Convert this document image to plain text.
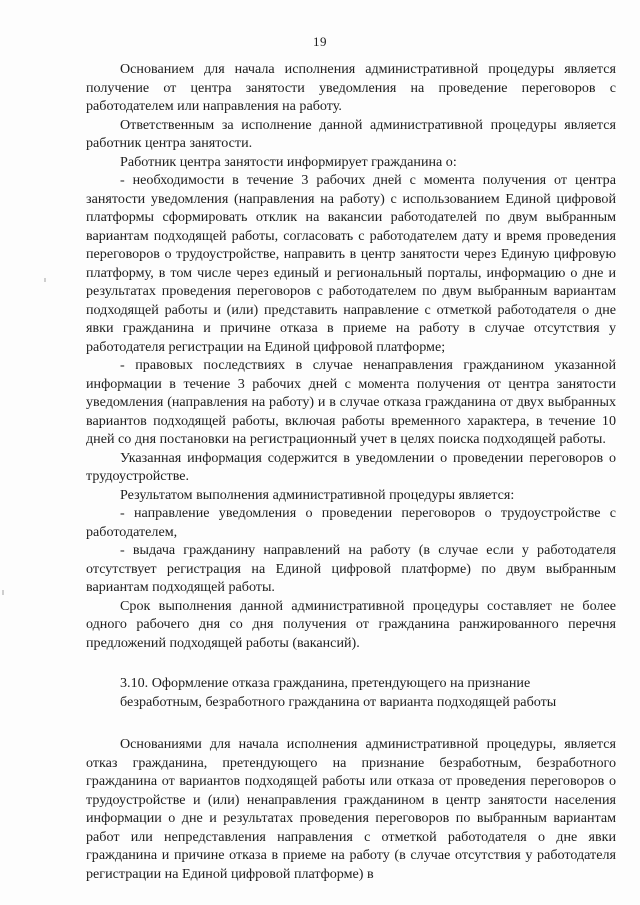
19

Основанием для начала исполнения административной процедуры является получение от центра занятости уведомления на проведение переговоров с работодателем или направления на работу.

Ответственным за исполнение данной административной процедуры является работник центра занятости.

Работник центра занятости информирует гражданина о:

- необходимости в течение 3 рабочих дней с момента получения от центра занятости уведомления (направления на работу) с использованием Единой цифровой платформы сформировать отклик на вакансии работодателей по двум выбранным вариантам подходящей работы, согласовать с работодателем дату и время проведения переговоров о трудоустройстве, направить в центр занятости через Единую цифровую платформу, в том числе через единый и региональный порталы, информацию о дне и результатах проведения переговоров с работодателем по двум выбранным вариантам подходящей работы и (или) представить направление с отметкой работодателя о дне явки гражданина и причине отказа в приеме на работу в случае отсутствия у работодателя регистрации на Единой цифровой платформе;

- правовых последствиях в случае ненаправления гражданином указанной информации в течение 3 рабочих дней с момента получения от центра занятости уведомления (направления на работу) и в случае отказа гражданина от двух выбранных вариантов подходящей работы, включая работы временного характера, в течение 10 дней со дня постановки на регистрационный учет в целях поиска подходящей работы.

Указанная информация содержится в уведомлении о проведении переговоров о трудоустройстве.

Результатом выполнения административной процедуры является:

- направление уведомления о проведении переговоров о трудоустройстве с работодателем,

- выдача гражданину направлений на работу (в случае если у работодателя отсутствует регистрация на Единой цифровой платформе) по двум выбранным вариантам подходящей работы.

Срок выполнения данной административной процедуры составляет не более одного рабочего дня со дня получения от гражданина ранжированного перечня предложений подходящей работы (вакансий).

3.10. Оформление отказа гражданина, претендующего на признание безработным, безработного гражданина от варианта подходящей работы

Основаниями для начала исполнения административной процедуры, является отказ гражданина, претендующего на признание безработным, безработного гражданина от вариантов подходящей работы или отказа от проведения переговоров о трудоустройстве и (или) ненаправления гражданином в центр занятости населения информации о дне и результатах проведения переговоров по выбранным вариантам работ или непредставления направления с отметкой работодателя о дне явки гражданина и причине отказа в приеме на работу (в случае отсутствия у работодателя регистрации на Единой цифровой платформе) в
